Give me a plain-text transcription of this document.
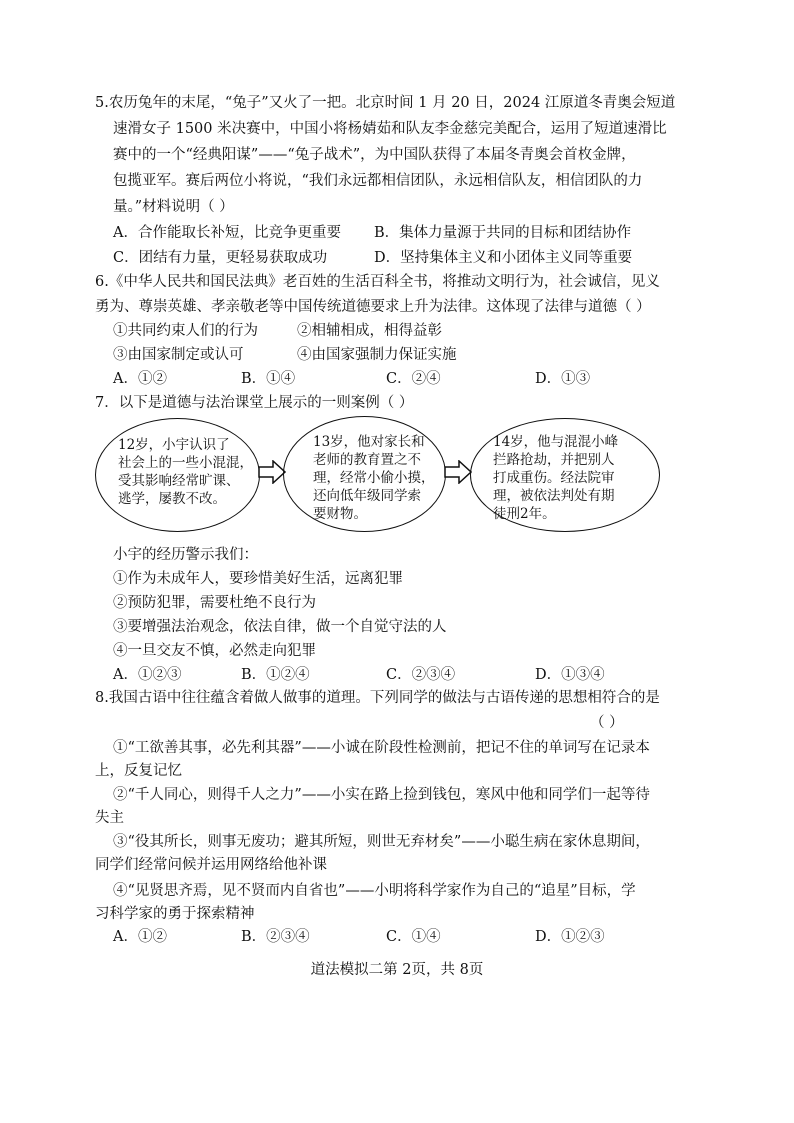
5.农历兔年的末尾，“兔子”又火了一把。北京时间 1 月 20 日，2024 江原道冬青奥会短道
速滑女子 1500 米决赛中，中国小将杨婧茹和队友李金慈完美配合，运用了短道速滑比
赛中的一个“经典阳谋”——“兔子战术”，为中国队获得了本届冬青奥会首枚金牌，
包揽亚军。赛后两位小将说，“我们永远都相信团队，永远相信队友，相信团队的力
量。”材料说明（ ）
A．合作能取长补短，比竞争更重要 B．集体力量源于共同的目标和团结协作
C．团结有力量，更轻易获取成功	D．坚持集体主义和小团体主义同等重要
6.《中华人民共和国民法典》老百姓的生活百科全书，将推动文明行为，社会诚信，见义
勇为、尊崇英雄、孝亲敬老等中国传统道德要求上升为法律。这体现了法律与道德（ ）
①共同约束人们的行为	②相辅相成，相得益彰
③由国家制定或认可	④由国家强制力保证实施
A．①②	B．①④	C．②④	D．①③
7．以下是道德与法治课堂上展示的一则案例（ ）
12岁，小宇认识了
社会上的一些小混混，
受其影响经常旷课、
逃学，屡教不改。
13岁，他对家长和
老师的教育置之不
理，经常小偷小摸，
还向低年级同学索
要财物。
14岁，他与混混小峰
拦路抢劫，并把别人
打成重伤。经法院审
理，被依法判处有期
徒刑2年。
小宇的经历警示我们：
①作为未成年人，要珍惜美好生活，远离犯罪
②预防犯罪，需要杜绝不良行为
③要增强法治观念，依法自律，做一个自觉守法的人
④一旦交友不慎，必然走向犯罪
A．①②③	B．①②④	C．②③④	D．①③④
8.我国古语中往往蕴含着做人做事的道理。下列同学的做法与古语传递的思想相符合的是
（ ）
①“工欲善其事，必先利其器”——小诚在阶段性检测前，把记不住的单词写在记录本
上，反复记忆
②“千人同心，则得千人之力”——小实在路上捡到钱包，寒风中他和同学们一起等待
失主
③“役其所长，则事无废功；避其所短，则世无弃材矣”——小聪生病在家休息期间，
同学们经常问候并运用网络给他补课
④“见贤思齐焉，见不贤而内自省也”——小明将科学家作为自己的“追星”目标，学
习科学家的勇于探索精神
A．①②	B．②③④	C．①④	D．①②③
道法模拟二第 2页，共 8页
